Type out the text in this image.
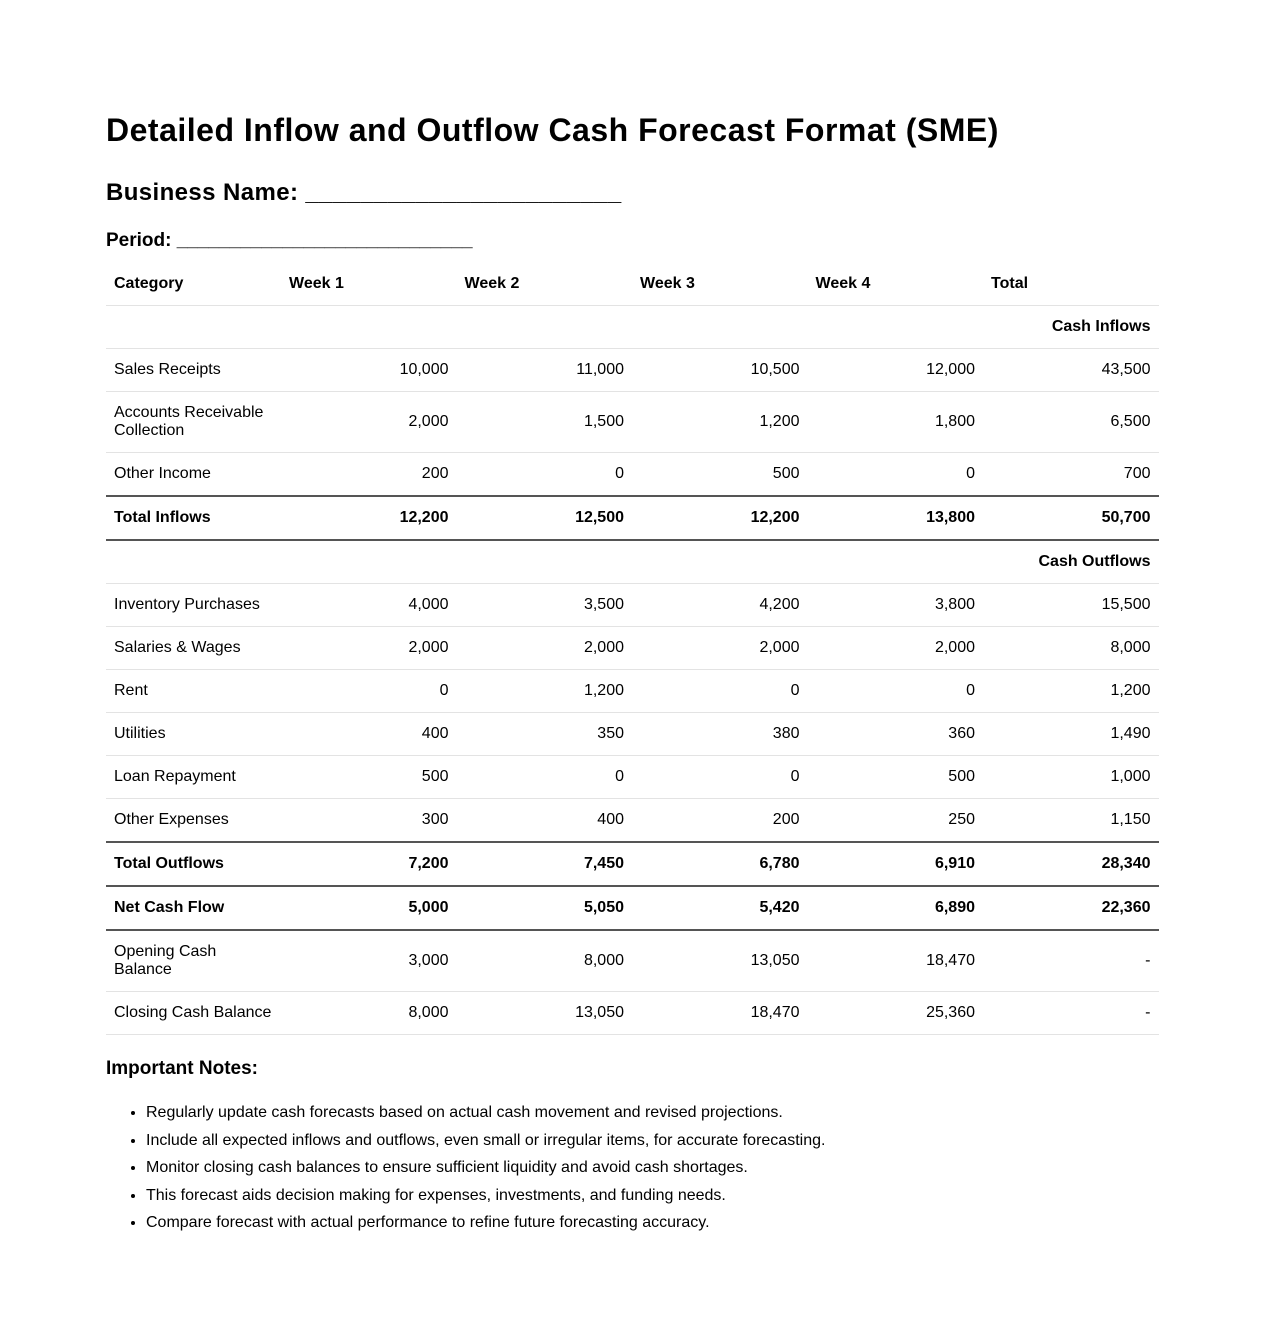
Detailed Inflow and Outflow Cash Forecast Format (SME)
Business Name: _______________________
Period: ____________________________
Category	Week 1	Week 2	Week 3	Week 4	Total
Cash Inflows					
Sales Receipts	10,000	11,000	10,500	12,000	43,500
Accounts Receivable Collection	2,000	1,500	1,200	1,800	6,500
Other Income	200	0	500	0	700
Total Inflows	12,200	12,500	12,200	13,800	50,700
Cash Outflows					
Inventory Purchases	4,000	3,500	4,200	3,800	15,500
Salaries & Wages	2,000	2,000	2,000	2,000	8,000
Rent	0	1,200	0	0	1,200
Utilities	400	350	380	360	1,490
Loan Repayment	500	0	0	500	1,000
Other Expenses	300	400	200	250	1,150
Total Outflows	7,200	7,450	6,780	6,910	28,340
Net Cash Flow	5,000	5,050	5,420	6,890	22,360
Opening Cash Balance	3,000	8,000	13,050	18,470	-
Closing Cash Balance	8,000	13,050	18,470	25,360	-
Important Notes:
• Regularly update cash forecasts based on actual cash movement and revised projections.
• Include all expected inflows and outflows, even small or irregular items, for accurate forecasting.
• Monitor closing cash balances to ensure sufficient liquidity and avoid cash shortages.
• This forecast aids decision making for expenses, investments, and funding needs.
• Compare forecast with actual performance to refine future forecasting accuracy.
